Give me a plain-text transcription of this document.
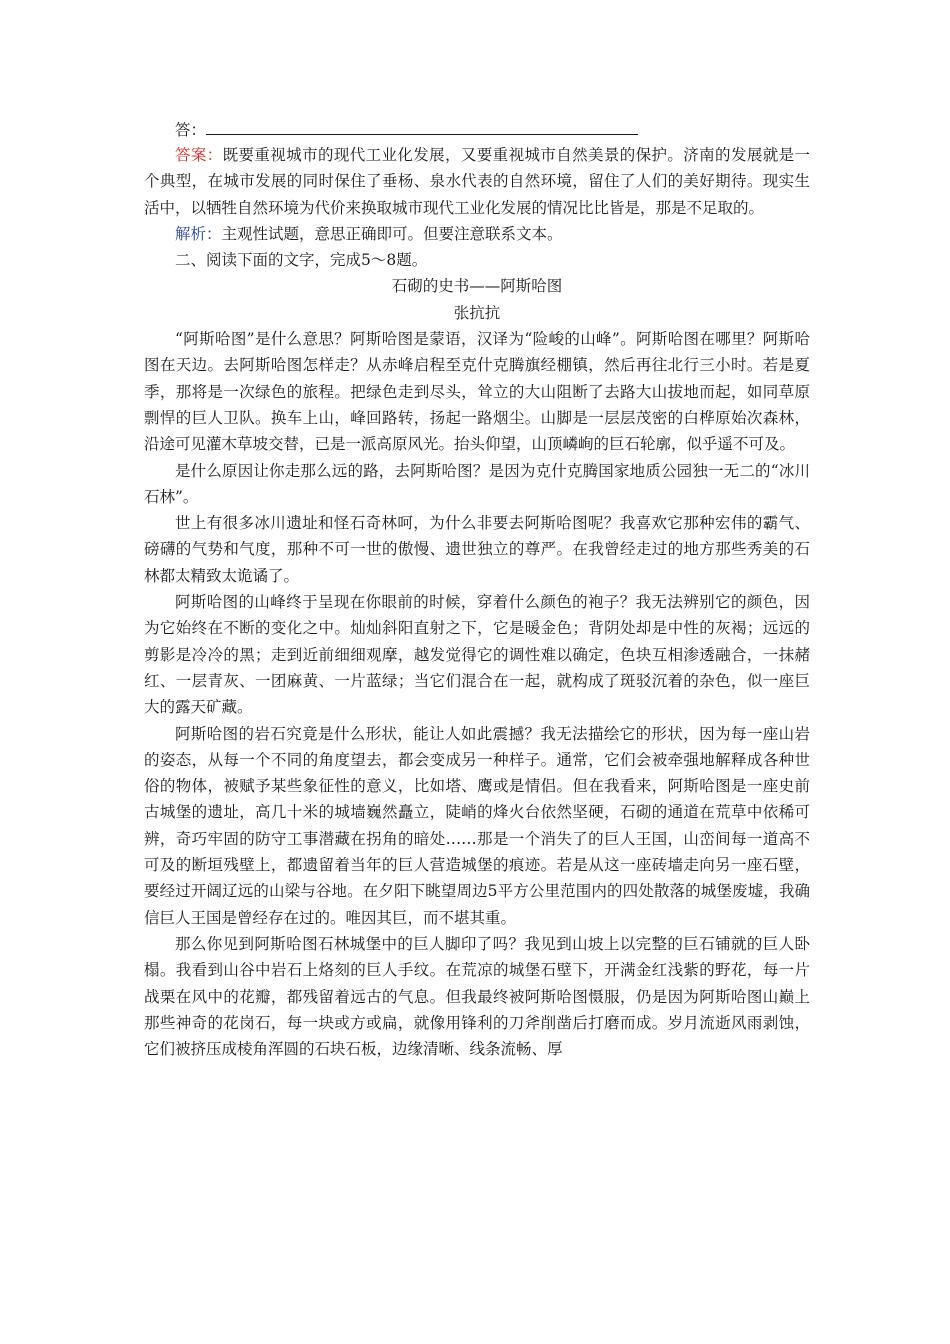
答：

答案：既要重视城市的现代工业化发展，又要重视城市自然美景的保护。济南的发展就是一个典型，在城市发展的同时保住了垂杨、泉水代表的自然环境，留住了人们的美好期待。现实生活中，以牺牲自然环境为代价来换取城市现代工业化发展的情况比比皆是，那是不足取的。

解析：主观性试题，意思正确即可。但要注意联系文本。

二、阅读下面的文字，完成5～8题。

石砌的史书——阿斯哈图

张抗抗

“阿斯哈图”是什么意思？阿斯哈图是蒙语，汉译为“险峻的山峰”。阿斯哈图在哪里？阿斯哈图在天边。去阿斯哈图怎样走？从赤峰启程至克什克腾旗经棚镇，然后再往北行三小时。若是夏季，那将是一次绿色的旅程。把绿色走到尽头，耸立的大山阻断了去路大山拔地而起，如同草原剽悍的巨人卫队。换车上山，峰回路转，扬起一路烟尘。山脚是一层层茂密的白桦原始次森林，沿途可见灌木草坡交替，已是一派高原风光。抬头仰望，山顶嶙峋的巨石轮廓，似乎遥不可及。

是什么原因让你走那么远的路，去阿斯哈图？是因为克什克腾国家地质公园独一无二的“冰川石林”。

世上有很多冰川遗址和怪石奇林呵，为什么非要去阿斯哈图呢？我喜欢它那种宏伟的霸气、磅礴的气势和气度，那种不可一世的傲慢、遗世独立的尊严。在我曾经走过的地方那些秀美的石林都太精致太诡谲了。

阿斯哈图的山峰终于呈现在你眼前的时候，穿着什么颜色的袍子？我无法辨别它的颜色，因为它始终在不断的变化之中。灿灿斜阳直射之下，它是暖金色；背阴处却是中性的灰褐；远远的剪影是冷冷的黑；走到近前细细观摩，越发觉得它的调性难以确定，色块互相渗透融合，一抹赭红、一层青灰、一团麻黄、一片蓝绿；当它们混合在一起，就构成了斑驳沉着的杂色，似一座巨大的露天矿藏。

阿斯哈图的岩石究竟是什么形状，能让人如此震撼？我无法描绘它的形状，因为每一座山岩的姿态，从每一个不同的角度望去，都会变成另一种样子。通常，它们会被牵强地解释成各种世俗的物体，被赋予某些象征性的意义，比如塔、鹰或是情侣。但在我看来，阿斯哈图是一座史前古城堡的遗址，高几十米的城墙巍然矗立，陡峭的烽火台依然坚硬，石砌的通道在荒草中依稀可辨，奇巧牢固的防守工事潜藏在拐角的暗处……那是一个消失了的巨人王国，山峦间每一道高不可及的断垣残壁上，都遗留着当年的巨人营造城堡的痕迹。若是从这一座砖墙走向另一座石壁，要经过开阔辽远的山梁与谷地。在夕阳下眺望周边5平方公里范围内的四处散落的城堡废墟，我确信巨人王国是曾经存在过的。唯因其巨，而不堪其重。

那么你见到阿斯哈图石林城堡中的巨人脚印了吗？我见到山坡上以完整的巨石铺就的巨人卧榻。我看到山谷中岩石上烙刻的巨人手纹。在荒凉的城堡石壁下，开满金红浅紫的野花，每一片战栗在风中的花瓣，都残留着远古的气息。但我最终被阿斯哈图慑服，仍是因为阿斯哈图山巅上那些神奇的花岗石，每一块或方或扁，就像用锋利的刀斧削凿后打磨而成。岁月流逝风雨剥蚀，它们被挤压成棱角浑圆的石块石板，边缘清晰、线条流畅、厚
